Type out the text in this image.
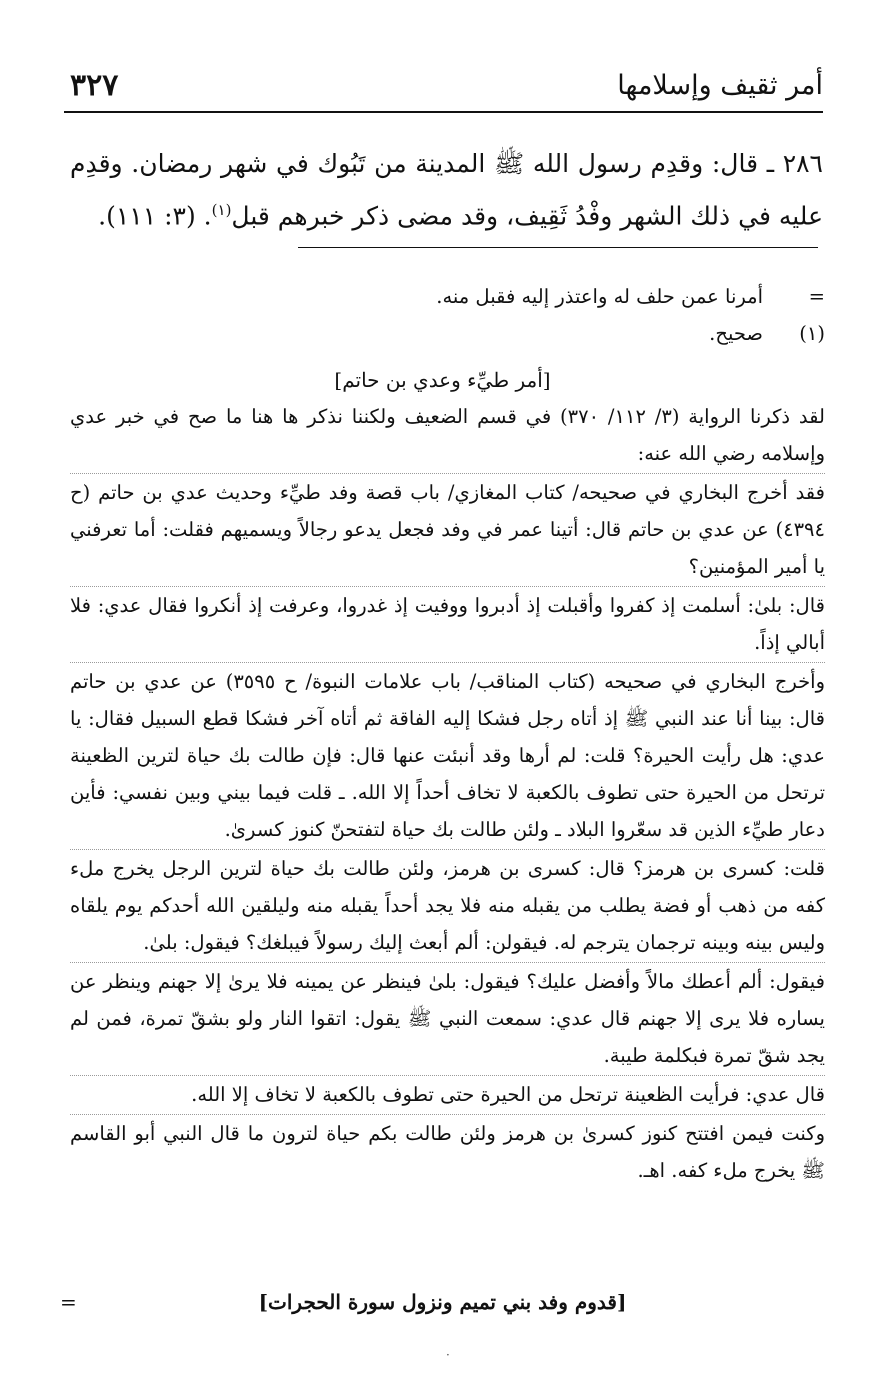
أمر ثقيف وإسلامها
٣٢٧

٢٨٦ ـ قال: وقدِم رسول الله ﷺ المدينة من تَبُوك في شهر رمضان. وقدِم عليه في ذلك الشهر وفْدُ ثَقِيف، وقد مضى ذكر خبرهم قبل$^{(١)}$. (٣: ١١١).

=
أمرنا عمن حلف له واعتذر إليه فقبل منه.

(١)
صحيح.

[أمر طيِّء وعدي بن حاتم]

لقد ذكرنا الرواية (٣/ ١١٢/ ٣٧٠) في قسم الضعيف ولكننا نذكر ها هنا ما صح في خبر عدي وإسلامه رضي الله عنه:

فقد أخرج البخاري في صحيحه/ كتاب المغازي/ باب قصة وفد طيِّء وحديث عدي بن حاتم (ح ٤٣٩٤) عن عدي بن حاتم قال: أتينا عمر في وفد فجعل يدعو رجالاً ويسميهم فقلت: أما تعرفني يا أمير المؤمنين؟

قال: بلىٰ: أسلمت إذ كفروا وأقبلت إذ أدبروا ووفيت إذ غدروا، وعرفت إذ أنكروا فقال عدي: فلا أبالي إذاً.

وأخرج البخاري في صحيحه (كتاب المناقب/ باب علامات النبوة/ ح ٣٥٩٥) عن عدي بن حاتم قال: بينا أنا عند النبي ﷺ إذ أتاه رجل فشكا إليه الفاقة ثم أتاه آخر فشكا قطع السبيل فقال: يا عدي: هل رأيت الحيرة؟ قلت: لم أرها وقد أنبئت عنها قال: فإن طالت بك حياة لترين الظعينة ترتحل من الحيرة حتى تطوف بالكعبة لا تخاف أحداً إلا الله. ـ قلت فيما بيني وبين نفسي: فأين دعار طيِّء الذين قد سعّروا البلاد ـ ولئن طالت بك حياة لتفتحنّ كنوز كسرىٰ.

قلت: كسرى بن هرمز؟ قال: كسرى بن هرمز، ولئن طالت بك حياة لترين الرجل يخرج ملء كفه من ذهب أو فضة يطلب من يقبله منه فلا يجد أحداً يقبله منه وليلقين الله أحدكم يوم يلقاه وليس بينه وبينه ترجمان يترجم له. فيقولن: ألم أبعث إليك رسولاً فيبلغك؟ فيقول: بلىٰ.

فيقول: ألم أعطك مالاً وأفضل عليك؟ فيقول: بلىٰ فينظر عن يمينه فلا يرىٰ إلا جهنم وينظر عن يساره فلا يرى إلا جهنم قال عدي: سمعت النبي ﷺ يقول: اتقوا النار ولو بشقّ تمرة، فمن لم يجد شقّ تمرة فبكلمة طيبة.

قال عدي: فرأيت الظعينة ترتحل من الحيرة حتى تطوف بالكعبة لا تخاف إلا الله.

وكنت فيمن افتتح كنوز كسرىٰ بن هرمز ولئن طالت بكم حياة لترون ما قال النبي أبو القاسم ﷺ يخرج ملء كفه. اهـ.

=	[قدوم وفد بني تميم ونزول سورة الحجرات]
·
